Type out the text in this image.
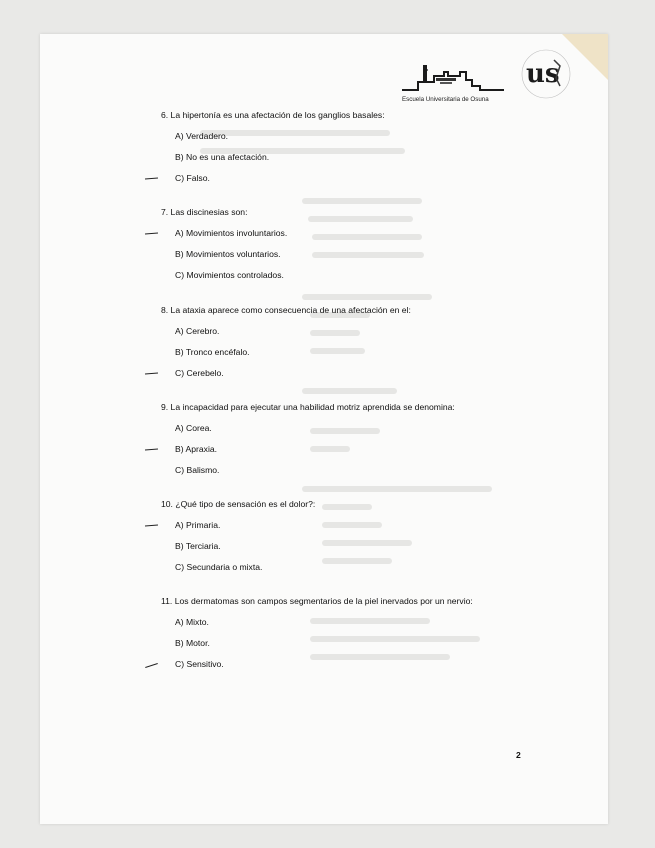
us
Escuela Universitaria de Osuna
6. La hipertonía es una afectación de los ganglios basales:
A) Verdadero.
B) No es una afectación.
C) Falso.
7. Las discinesias son:
A) Movimientos involuntarios.
B) Movimientos voluntarios.
C) Movimientos controlados.
8. La ataxia aparece como consecuencia de una afectación en el:
A) Cerebro.
B) Tronco encéfalo.
C) Cerebelo.
9. La incapacidad para ejecutar una habilidad motriz aprendida se denomina:
A) Corea.
B) Apraxia.
C) Balismo.
10. ¿Qué tipo de sensación es el dolor?:
A) Primaria.
B) Terciaria.
C) Secundaria o mixta.
11. Los dermatomas son campos segmentarios de la piel inervados por un nervio:
A) Mixto.
B) Motor.
C) Sensitivo.
2
